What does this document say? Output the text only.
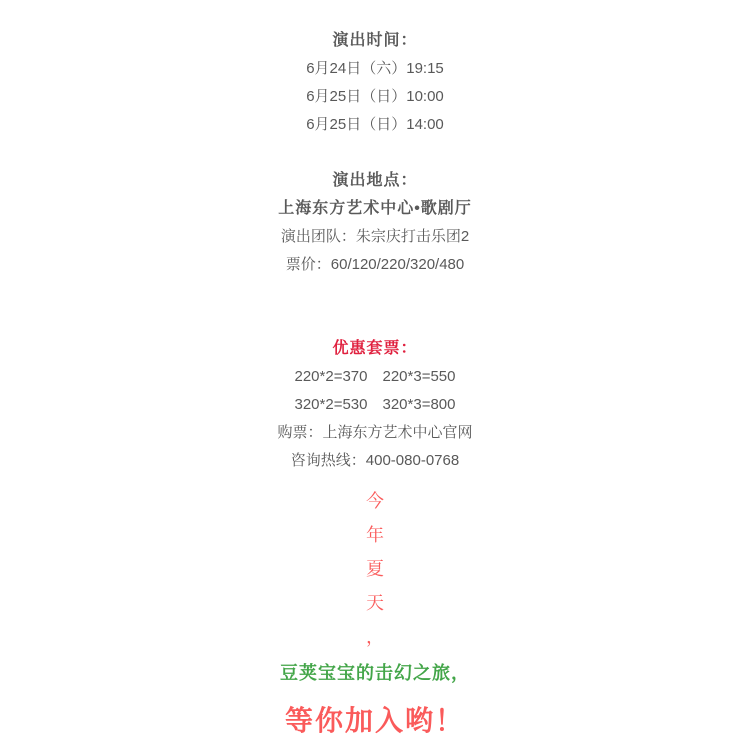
演出时间：

6月24日（六）19:15

6月25日（日）10:00

6月25日（日）14:00

演出地点：

上海东方艺术中心•歌剧厅

演出团队：朱宗庆打击乐团2

票价：60/120/220/320/480

优惠套票：

220*2=370　220*3=550

320*2=530　320*3=800

购票：上海东方艺术中心官网

咨询热线：400-080-0768

今

年

夏

天

，

豆荚宝宝的击幻之旅，

等你加入哟！
